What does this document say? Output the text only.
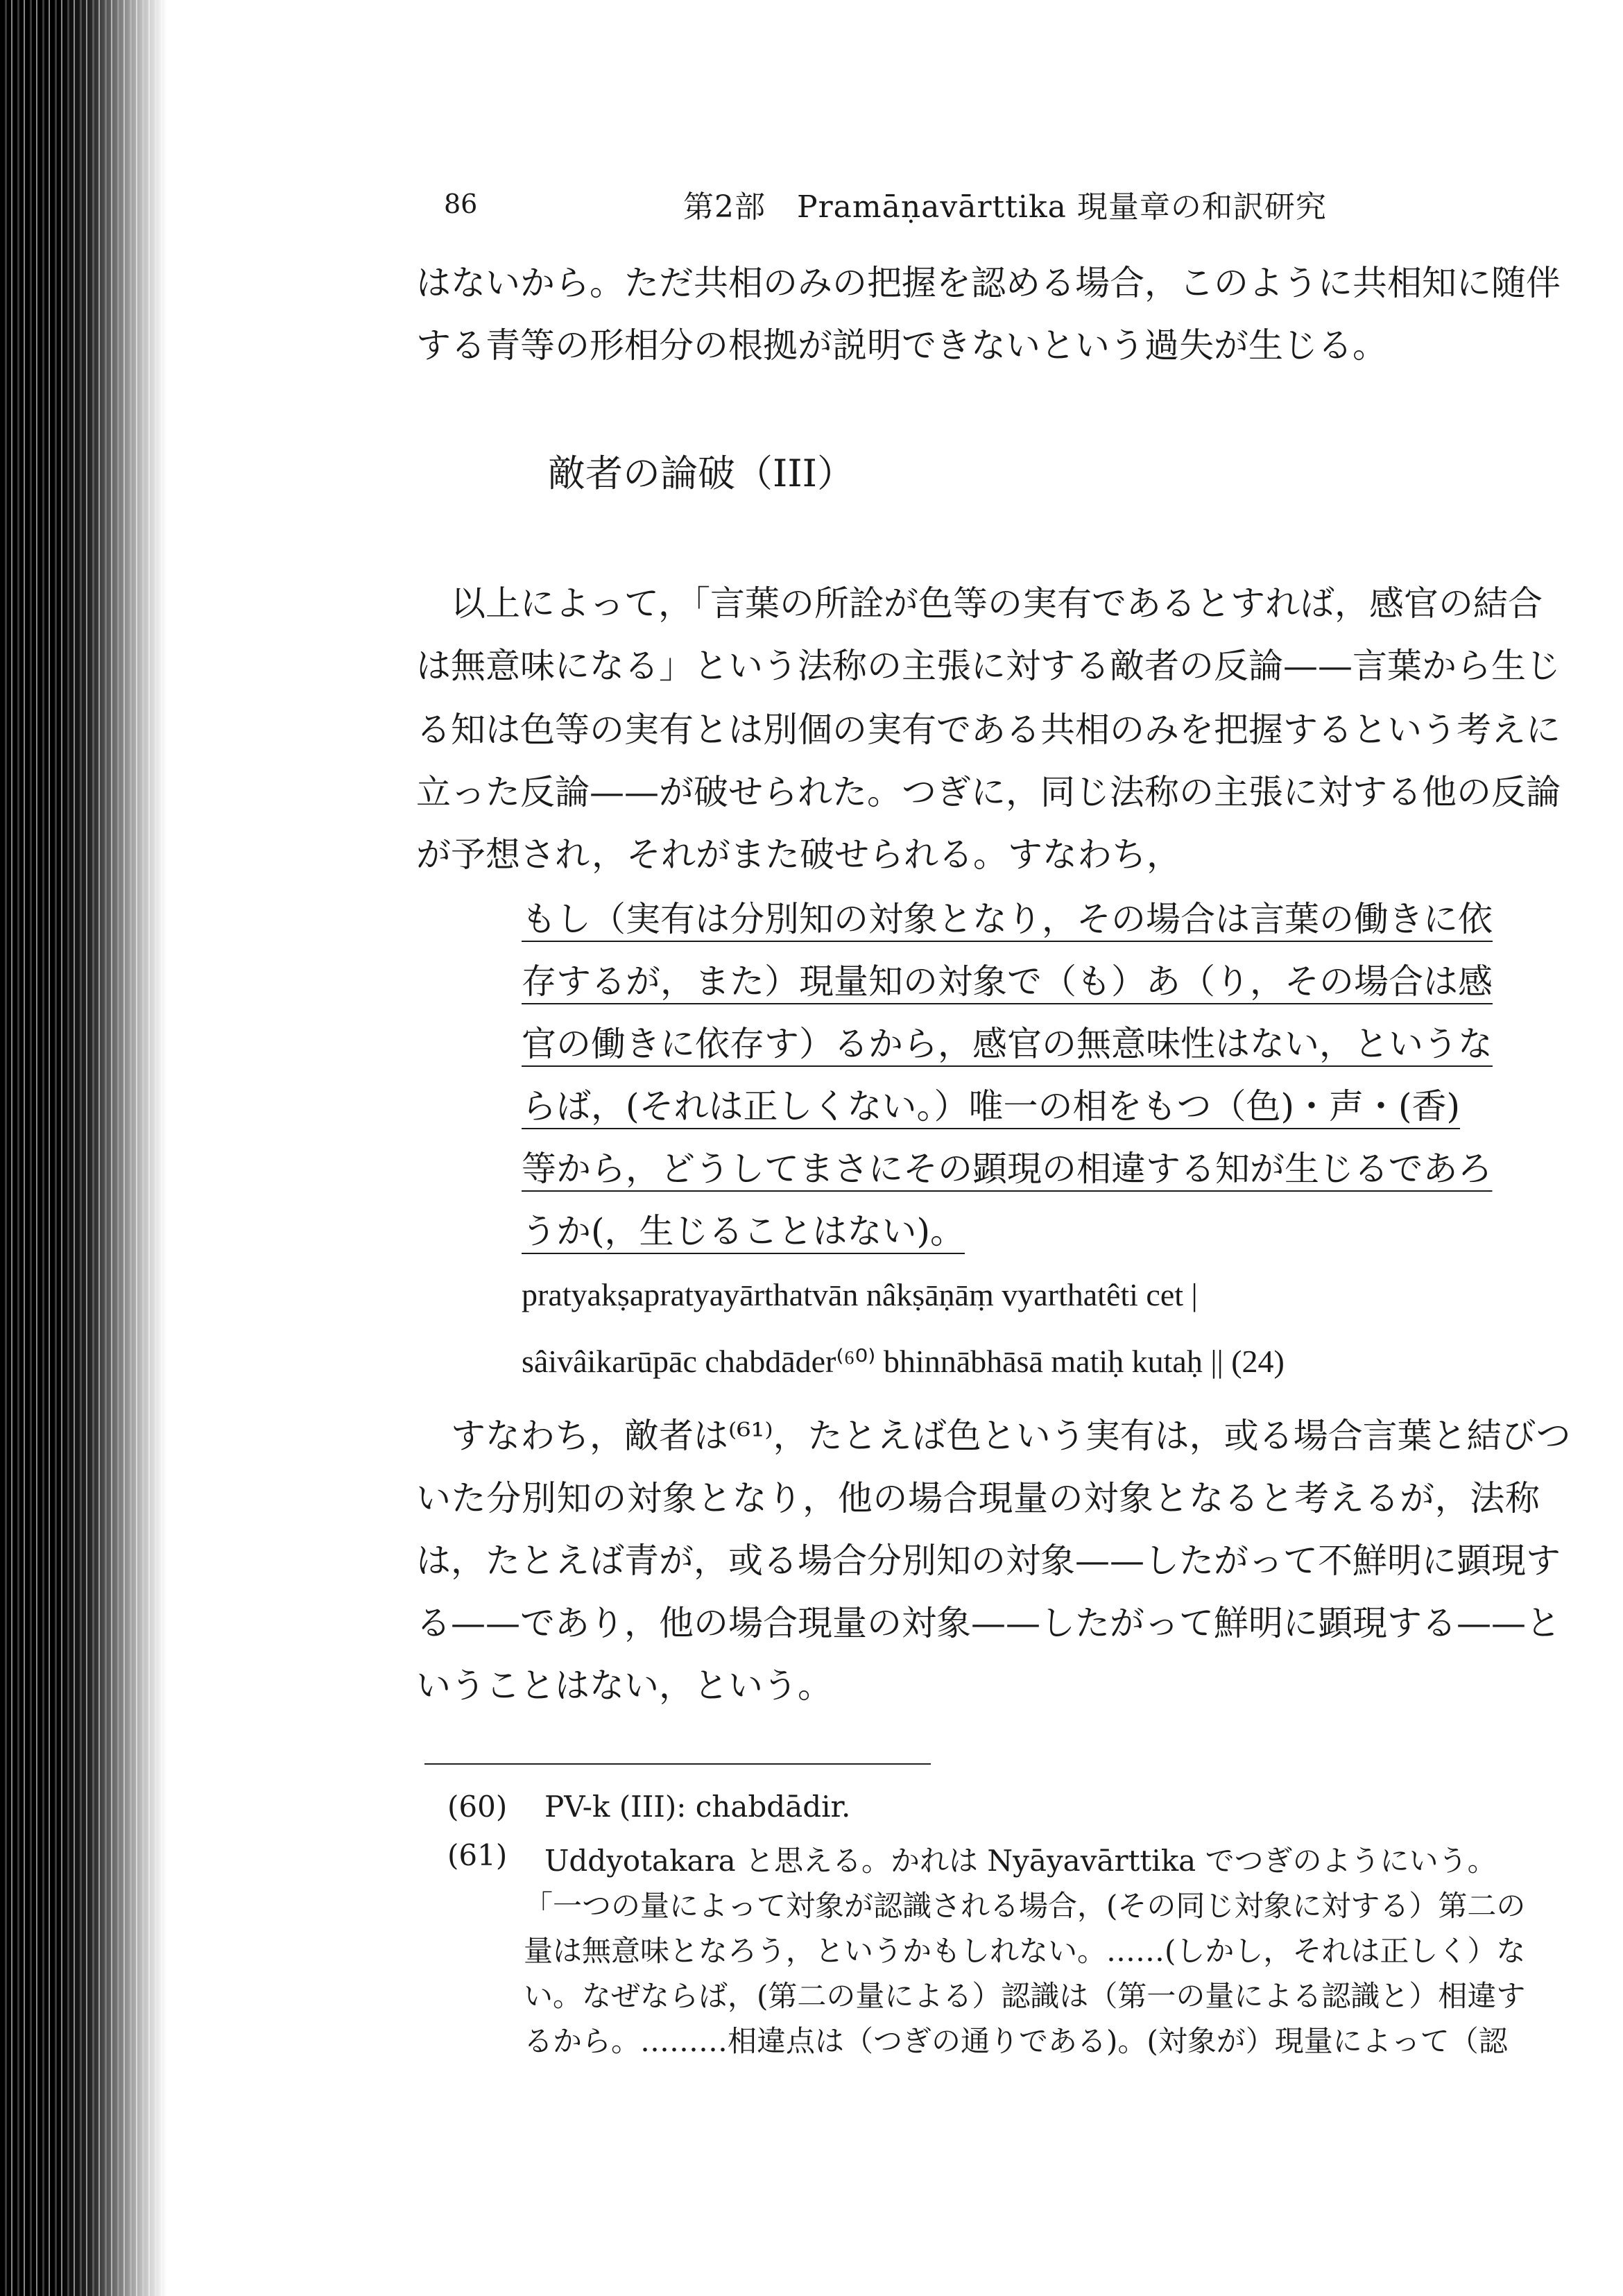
86	第2部　Pramāṇavārttika 現量章の和訳研究
はないから。ただ共相のみの把握を認める場合，このように共相知に随伴
する青等の形相分の根拠が説明できないという過失が生じる。
敵者の論破（III）
以上によって，「言葉の所詮が色等の実有であるとすれば，感官の結合
は無意味になる」という法称の主張に対する敵者の反論——言葉から生じ
る知は色等の実有とは別個の実有である共相のみを把握するという考えに
立った反論——が破せられた。つぎに，同じ法称の主張に対する他の反論
が予想され，それがまた破せられる。すなわち，
もし（実有は分別知の対象となり，その場合は言葉の働きに依
存するが，また）現量知の対象で（も）あ（り，その場合は感
官の働きに依存す）るから，感官の無意味性はない，というな
らば，(それは正しくない。）唯一の相をもつ（色)・声・(香)
等から，どうしてまさにその顕現の相違する知が生じるであろ
うか(，生じることはない)。
pratyakṣapratyayārthatvān nâkṣāṇāṃ vyarthatêti cet |
sâivâikarūpāc chabdāder⁽⁶⁰⁾ bhinnābhāsā matiḥ kutaḥ || (24)
すなわち，敵者は⁽⁶¹⁾，たとえば色という実有は，或る場合言葉と結びつ
いた分別知の対象となり，他の場合現量の対象となると考えるが，法称
は，たとえば青が，或る場合分別知の対象——したがって不鮮明に顕現す
る——であり，他の場合現量の対象——したがって鮮明に顕現する——と
いうことはない，という。
(60) PV-k (III): chabdādir.
(61) Uddyotakara と思える。かれは Nyāyavārttika でつぎのようにいう。
「一つの量によって対象が認識される場合，(その同じ対象に対する）第二の
量は無意味となろう，というかもしれない。……(しかし，それは正しく）な
い。なぜならば，(第二の量による）認識は（第一の量による認識と）相違す
るから。………相違点は（つぎの通りである)。(対象が）現量によって（認
